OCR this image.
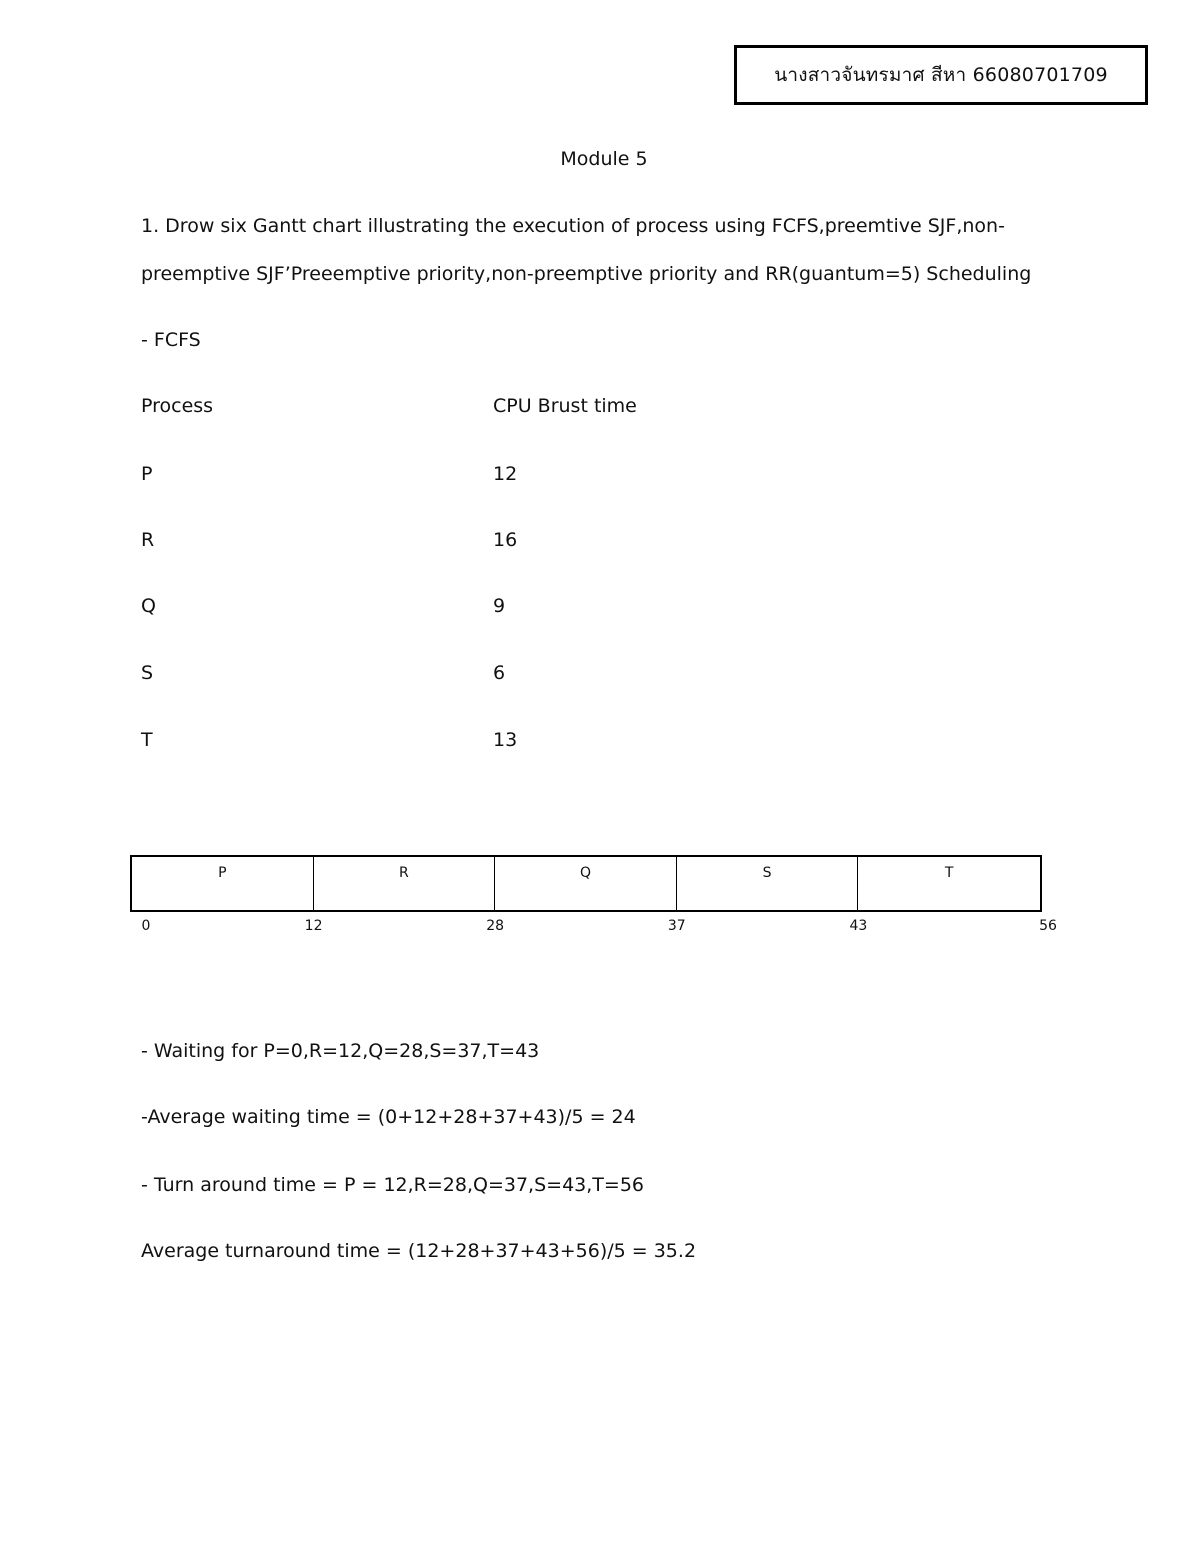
นางสาวจันทรมาศ สีหา 66080701709
Module 5
1. Drow six Gantt chart illustrating the execution of process using FCFS,preemtive SJF,non-
preemptive SJF’Preeemptive priority,non-preemptive priority and RR(guantum=5) Scheduling
- FCFS
Process	CPU Brust time
P	12
R	16
Q	9
S	6
T	13
P	R	Q	S	T
0	12	28	37	43	56
- Waiting for P=0,R=12,Q=28,S=37,T=43
-Average waiting time = (0+12+28+37+43)/5 = 24
- Turn around time = P = 12,R=28,Q=37,S=43,T=56
Average turnaround time = (12+28+37+43+56)/5 = 35.2
